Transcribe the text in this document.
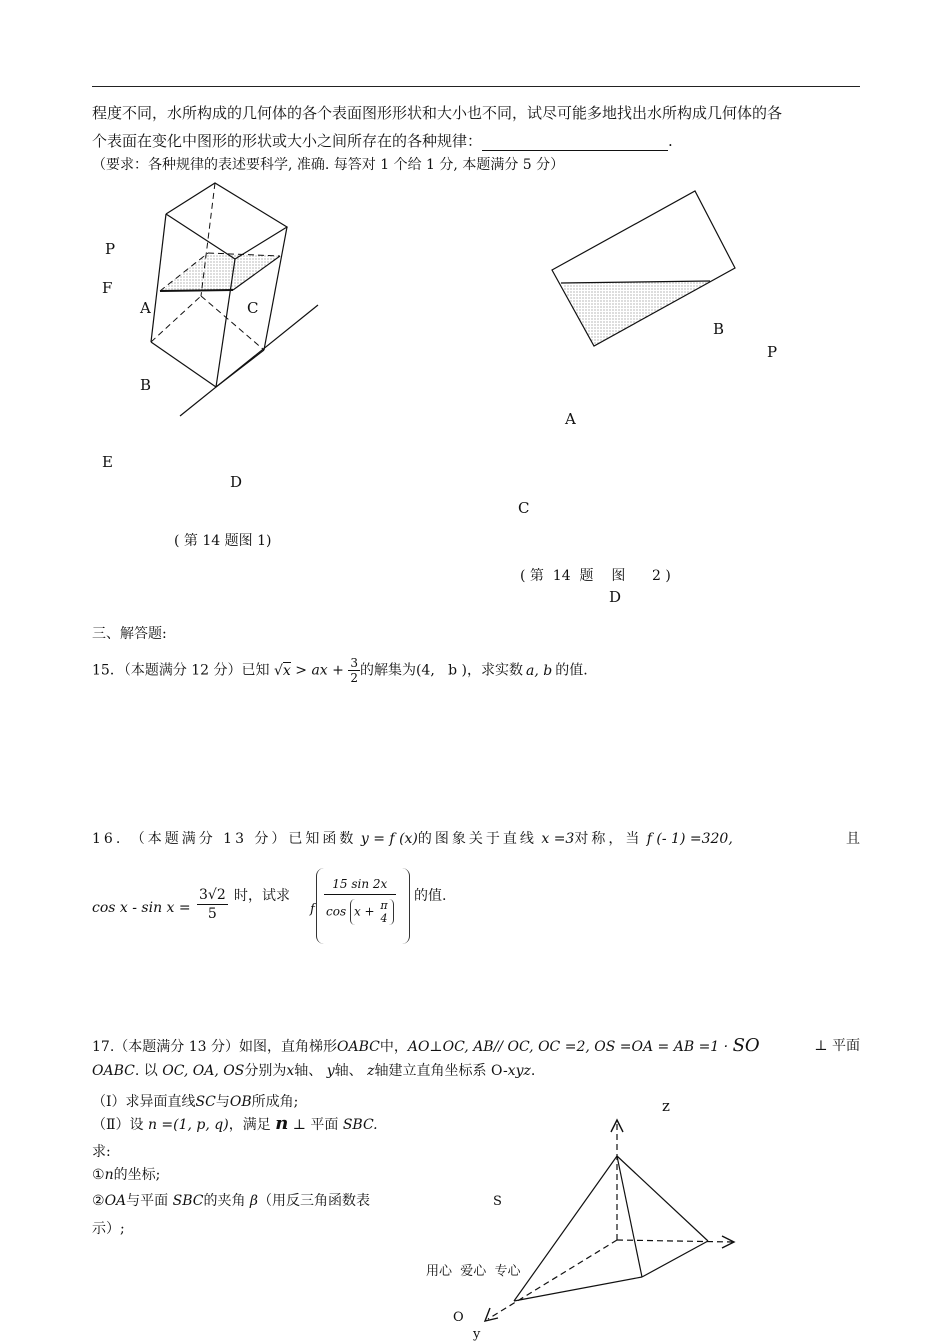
程度不同，水所构成的几何体的各个表面图形形状和大小也不同，试尽可能多地找出水所构成几何体的各
个表面在变化中图形的形状或大小之间所存在的各种规律：	.
（要求：各种规律的表述要科学, 准确. 每答对 1 个给 1 分, 本题满分 5 分）
P
F
A	C
B
E
D
( 第 14 题图 1)
B
P
A
C
( 第  14  题    图      2 )
D
三、解答题:
15．（本题满分 12 分）已知 √x > ax + $\frac{3}{2}$ 的解集为(4,   b )，求实数 a, b 的值.
16. （本题满分 13 分）已知函数 y = f (x)的图象关于直线 x =3对称，当 f (- 1) =320,	且
$\cos x - \sin x = \frac{3√2}{5}$ 时，试求
f 15 sin 2x
cos x + π
4 的值.
17.（本题满分 13 分）如图，直角梯形OABC中，AO⊥OC, AB// OC, OC =2, OS =OA = AB =1 · SO	⊥ 平面
OABC. 以 OC, OA, OS分别为x轴、 y轴、 z轴建立直角坐标系 O-xyz.
（Ⅰ）求异面直线SC与OB所成角;
（Ⅱ）设 n =(1, p, q)，满足 n ⊥ 平面 SBC.
求:
①n的坐标;
②OA与平面 SBC的夹角 β（用反三角函数表
示）;
z
S
用心  爱心  专心
O
y
